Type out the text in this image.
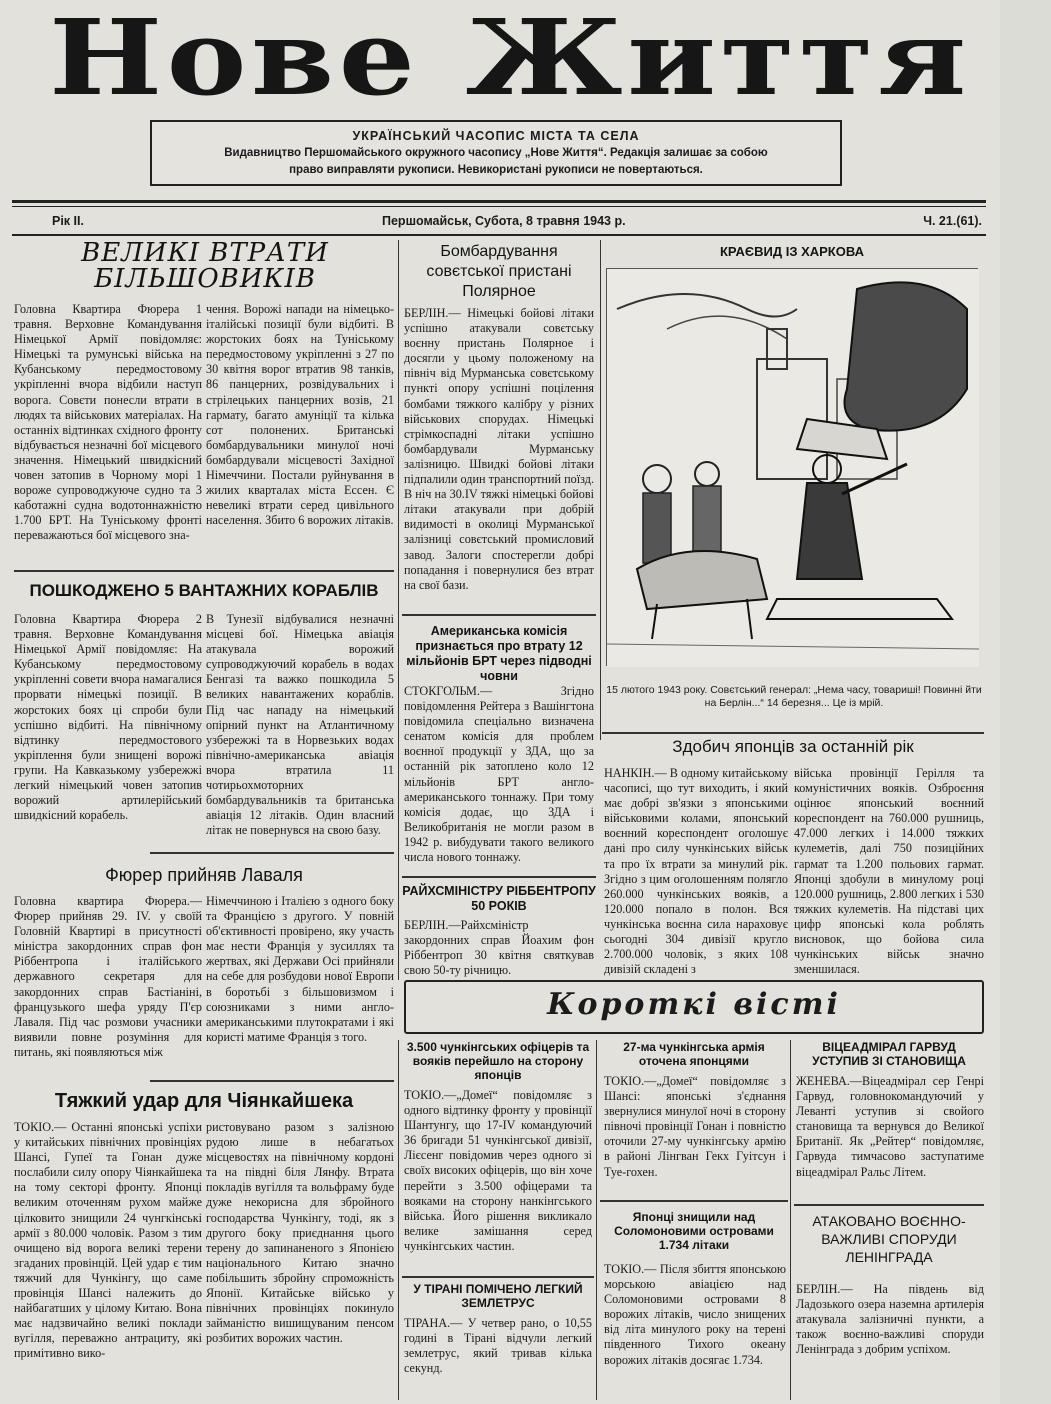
Нове Життя
УКРАЇНСЬКИЙ ЧАСОПИС МІСТА ТА СЕЛА
Видавництво Першомайського окружного часопису „Нове Життя“. Редакція залишає за собою
право виправляти рукописи. Невикористані рукописи не повертаються.
Рік II.	Першомайськ, Субота, 8 травня 1943 р.	Ч. 21.(61).
ВЕЛИКІ ВТРАТИ БІЛЬШОВИКІВ
Головна Квартира Фюрера 1 травня. Верховне Командування Німецької Армії повідомляє: Німецькі та румунські війська на Кубанському передмостовому укріпленні вчора відбили наступ ворога. Совєти понесли втрати в людях та військових матеріалах. На останніх відтинках східного фронту відбувається незначні бої місцевого значення. Німецький швидкісний човен затопив в Чорному морі 1 вороже супроводжуюче судно та 3 каботажні судна водотоннажністю 1.700 БРТ. На Туніському фронті переважаються бої місцевого зна-
чення. Ворожі напади на німецько-італійські позиції були відбиті. В жорстоких боях на Туніському передмостовому укріпленні з 27 по 30 квітня ворог втратив 98 танків, 86 панцерних, розвідувальних і стрілецьких панцерних возів, 21 гармату, багато амуніції та кілька сот полонених. Британські бомбардувальники минулої ночі бомбардували місцевості Західної Німеччини. Постали руйнування в жилих кварталах міста Ессен. Є невеликі втрати серед цивільного населення. Збито 6 ворожих літаків.
ПОШКОДЖЕНО 5 ВАНТАЖНИХ КОРАБЛІВ
Головна Квартира Фюрера 2 травня. Верховне Командування Німецької Армії повідомляє: На Кубанському передмостовому укріпленні совети вчора намагалися прорвати німецькі позиції. В жорстоких боях ці спроби були успішно відбиті. На північному відтинку передмостового укріплення були знищені ворожі групи. На Кавказькому узбережжі легкий німецький човен затопив ворожий артилерійський швидкісний корабель.
В Тунезії відбувалися незначні місцеві бої. Німецька авіація атакувала ворожий супроводжуючий корабель в водах Бенгазі та важко пошкодила 5 великих навантажених кораблів. Під час нападу на німецький опірний пункт на Атлантичному узбережжі та в Норвезьких водах північно-американська авіація вчора втратила 11 чотирьохмоторних бомбардувальників та британська авіація 12 літаків. Один власний літак не повернувся на свою базу.
Фюрер прийняв Лаваля
Головна квартира Фюрера.— Фюрер прийняв 29. IV. у своїй Головній Квартирі в присутності міністра закордонних справ фон Ріббентропа і італійського державного секретаря для закордонних справ Бастіаніні, французького шефа уряду П'єр Лаваля. Під час розмови учасники виявили повне розуміння для питань, які появляються між
Німеччиною і Італією з одного боку та Францією з другого. У повній об'єктивності провірено, яку участь має нести Франція у зусиллях та жертвах, які Держави Осі прийняли на себе для розбудови нової Европи в боротьбі з більшовизмом і союзниками з ними англо-американськими плутократами і які користі матиме Франція з того.
Тяжкий удар для Чіянкайшека
ТОКІО.— Останні японські успіхи у китайських північних провінціях Шансі, Гупеї та Гонан дуже послабили силу опору Чіянкайшека на тому секторі фронту. Японці великим оточенням рухом майже цілковито знищили 24 чунгкінські армії з 80.000 чоловік. Разом з тим очищено від ворога великі терени згаданих провінцій. Цей удар є тим тяжчий для Чункінгу, що саме провінція Шансі належить до найбагатших у цілому Китаю. Вона має надзвичайно великі поклади вугілля, переважно антрациту, які примітивно вико-
ристовувано разом з залізною рудою лише в небагатьох місцевостях на північному кордоні та на півдні біля Лянфу. Втрата покладів вугілля та вольфраму буде дуже некорисна для збройного господарства Чункінгу, тоді, як з другого боку приєднання цього терену до запинаненого з Японією національного Китаю значно побільшить збройну спроможність Японії. Китайське військо у північних провінціях покинуло займаністю вишищуваним пенсом розбитих ворожих частин.
Бомбардування совєтської пристані Полярное
БЕРЛІН.— Німецькі бойові літаки успішно атакували совєтську воєнну пристань Полярное і досягли у цьому положеному на північ від Мурманська совєтському пункті опору успішні поцілення бомбами тяжкого калібру у різних військових спорудах. Німецькі стрімкоспадні літаки успішно бомбардували Мурманську залізницю. Швидкі бойові літаки підпалили один транспортний поїзд. В ніч на 30.IV тяжкі німецькі бойові літаки атакували при добрій видимості в околиці Мурманської залізниці совєтський промисловий завод. Залоги спостерегли добрі попадання і повернулися без втрат на свої бази.
Американська комісія признається про втрату 12 мільйонів БРТ через підводні човни
СТОКГОЛЬМ.— Згідно повідомлення Рейтера з Вашінгтона повідомила спеціально визначена сенатом комісія для проблем воєнної продукції у ЗДА, що за останній рік затоплено коло 12 мільйонів БРТ англо-американського тоннажу. При тому комісія додає, що ЗДА і Великобританія не могли разом в 1942 р. вибудувати такого великого числа нового тоннажу.
РАЙХСМІНІСТРУ РІББЕНТРОПУ 50 РОКІВ
БЕРЛІН.—Райхсміністр закордонних справ Йоахим фон Ріббентроп 30 квітня святкував свою 50-ту річницю.
КРАЄВИД ІЗ ХАРКОВА
15 лютого 1943 року. Совєтський генерал: „Нема часу, товариші! Повинні йти на Берлін...“ 14 березня... Це із мрій.
Здобич японців за останній рік
НАНКІН.— В одному китайському часописі, що тут виходить, і який має добрі зв'язки з японськими військовими колами, японський воєнний кореспондент оголошує дані про силу чункінських військ та про їх втрати за минулий рік. Згідно з цим оголошенням полягло 260.000 чункінських вояків, а 120.000 попало в полон. Вся чункінська воєнна сила нараховує сьогодні 304 дивізії кругло 2.700.000 чоловік, з яких 108 дивізій складені з
війська провінції Герілля та комуністичних вояків. Озброєння оцінює японський воєнний кореспондент на 760.000 рушниць, 47.000 легких і 14.000 тяжких кулеметів, далі 750 позиційних гармат та 1.200 польових гармат. Японці здобули в минулому році 120.000 рушниць, 2.800 легких і 530 тяжких кулеметів. На підставі цих цифр японські кола роблять висновок, що бойова сила чункінських військ значно зменшилася.
Короткі вісті
3.500 чункінгських офіцерів та вояків перейшло на сторону японців
ТОКІО.—„Домеї“ повідомляє з одного відтинку фронту у провінції Шантунгу, що 17-IV командуючий 36 бригади 51 чункінгської дивізії, Лієсенг повідомив через одного зі своїх високих офіцерів, що він хоче перейти з 3.500 офіцерами та вояками на сторону нанкінгського війська. Його рішення викликало велике замішання серед чункінгських частин.
У ТІРАНІ ПОМІЧЕНО ЛЕГКИЙ ЗЕМЛЕТРУС
ТІРАНА.— У четвер рано, о 10,55 годині в Тірані відчули легкий землетрус, який тривав кілька секунд.
27-ма чункінгська армія оточена японцями
ТОКІО.—„Домеї“ повідомляє з Шансі: японські з'єднання звернулися минулої ночі в сторону півночі провінції Гонан і повністю оточили 27-му чункінгську армію в районі Лінгван Гекх Гуітсун і Туе-гохен.
Японці знищили над Соломоновими островами 1.734 літаки
ТОКІО.— Після збиття японською морською авіацією над Соломоновими островами 8 ворожих літаків, число знищених від літа минулого року на терені південного Тихого океану ворожих літаків досягає 1.734.
ВІЦЕАДМІРАЛ ГАРВУД УСТУПИВ ЗІ СТАНОВИЩА
ЖЕНЕВА.—Віцеадмірал сер Генрі Гарвуд, головнокомандуючий у Леванті уступив зі свойого становища та вернувся до Великої Британії. Як „Рейтер“ повідомляє, Гарвуда тимчасово заступатиме віцеадмірал Ральс Літем.
АТАКОВАНО ВОЄННО-ВАЖЛИВІ СПОРУДИ ЛЕНІНГРАДА
БЕРЛІН.— На південь від Ладозького озера наземна артилерія атакувала залізничні пункти, а також воєнно-важливі споруди Ленінграда з добрим успіхом.
